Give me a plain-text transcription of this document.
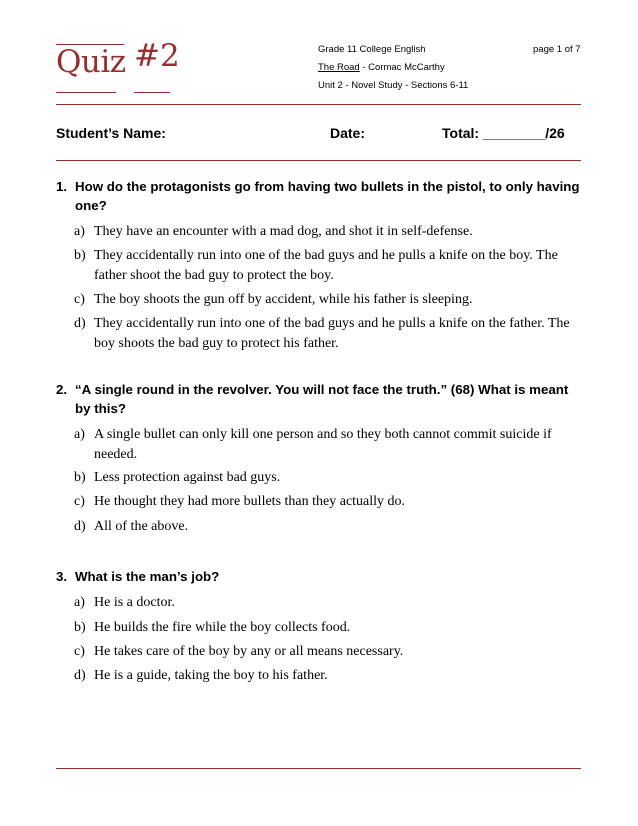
Quiz #2	Grade 11 College English	page 1 of 7
The Road - Cormac McCarthy
Unit 2 - Novel Study - Sections 6-11
Student’s Name:	Date:	Total: ________/26
1. How do the protagonists go from having two bullets in the pistol, to only having one?
a) They have an encounter with a mad dog, and shot it in self-defense.
b) They accidentally run into one of the bad guys and he pulls a knife on the boy. The father shoot the bad guy to protect the boy.
c) The boy shoots the gun off by accident, while his father is sleeping.
d) They accidentally run into one of the bad guys and he pulls a knife on the father. The boy shoots the bad guy to protect his father.
2. “A single round in the revolver. You will not face the truth.” (68) What is meant by this?
a) A single bullet can only kill one person and so they both cannot commit suicide if needed.
b) Less protection against bad guys.
c) He thought they had more bullets than they actually do.
d) All of the above.
3. What is the man’s job?
a) He is a doctor.
b) He builds the fire while the boy collects food.
c) He takes care of the boy by any or all means necessary.
d) He is a guide, taking the boy to his father.
